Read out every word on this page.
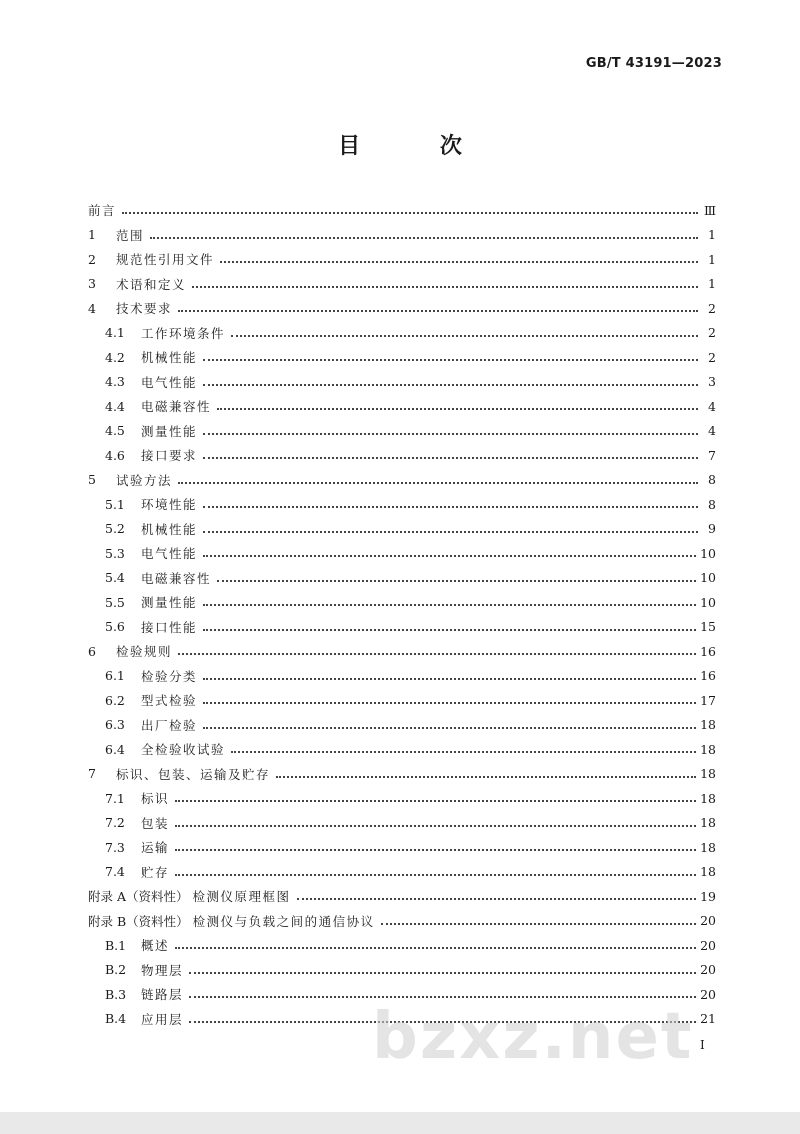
GB/T 43191—2023
目 次
前言	Ⅲ
1	范围	1
2	规范性引用文件	1
3	术语和定义	1
4	技术要求	2
4.1	工作环境条件	2
4.2	机械性能	2
4.3	电气性能	3
4.4	电磁兼容性	4
4.5	测量性能	4
4.6	接口要求	7
5	试验方法	8
5.1	环境性能	8
5.2	机械性能	9
5.3	电气性能	10
5.4	电磁兼容性	10
5.5	测量性能	10
5.6	接口性能	15
6	检验规则	16
6.1	检验分类	16
6.2	型式检验	17
6.3	出厂检验	18
6.4	全检验收试验	18
7	标识、包装、运输及贮存	18
7.1	标识	18
7.2	包装	18
7.3	运输	18
7.4	贮存	18
附录 A（资料性） 检测仪原理框图	19
附录 B（资料性） 检测仪与负载之间的通信协议	20
B.1	概述	20
B.2	物理层	20
B.3	链路层	20
B.4	应用层	21
I
bzxz.net
